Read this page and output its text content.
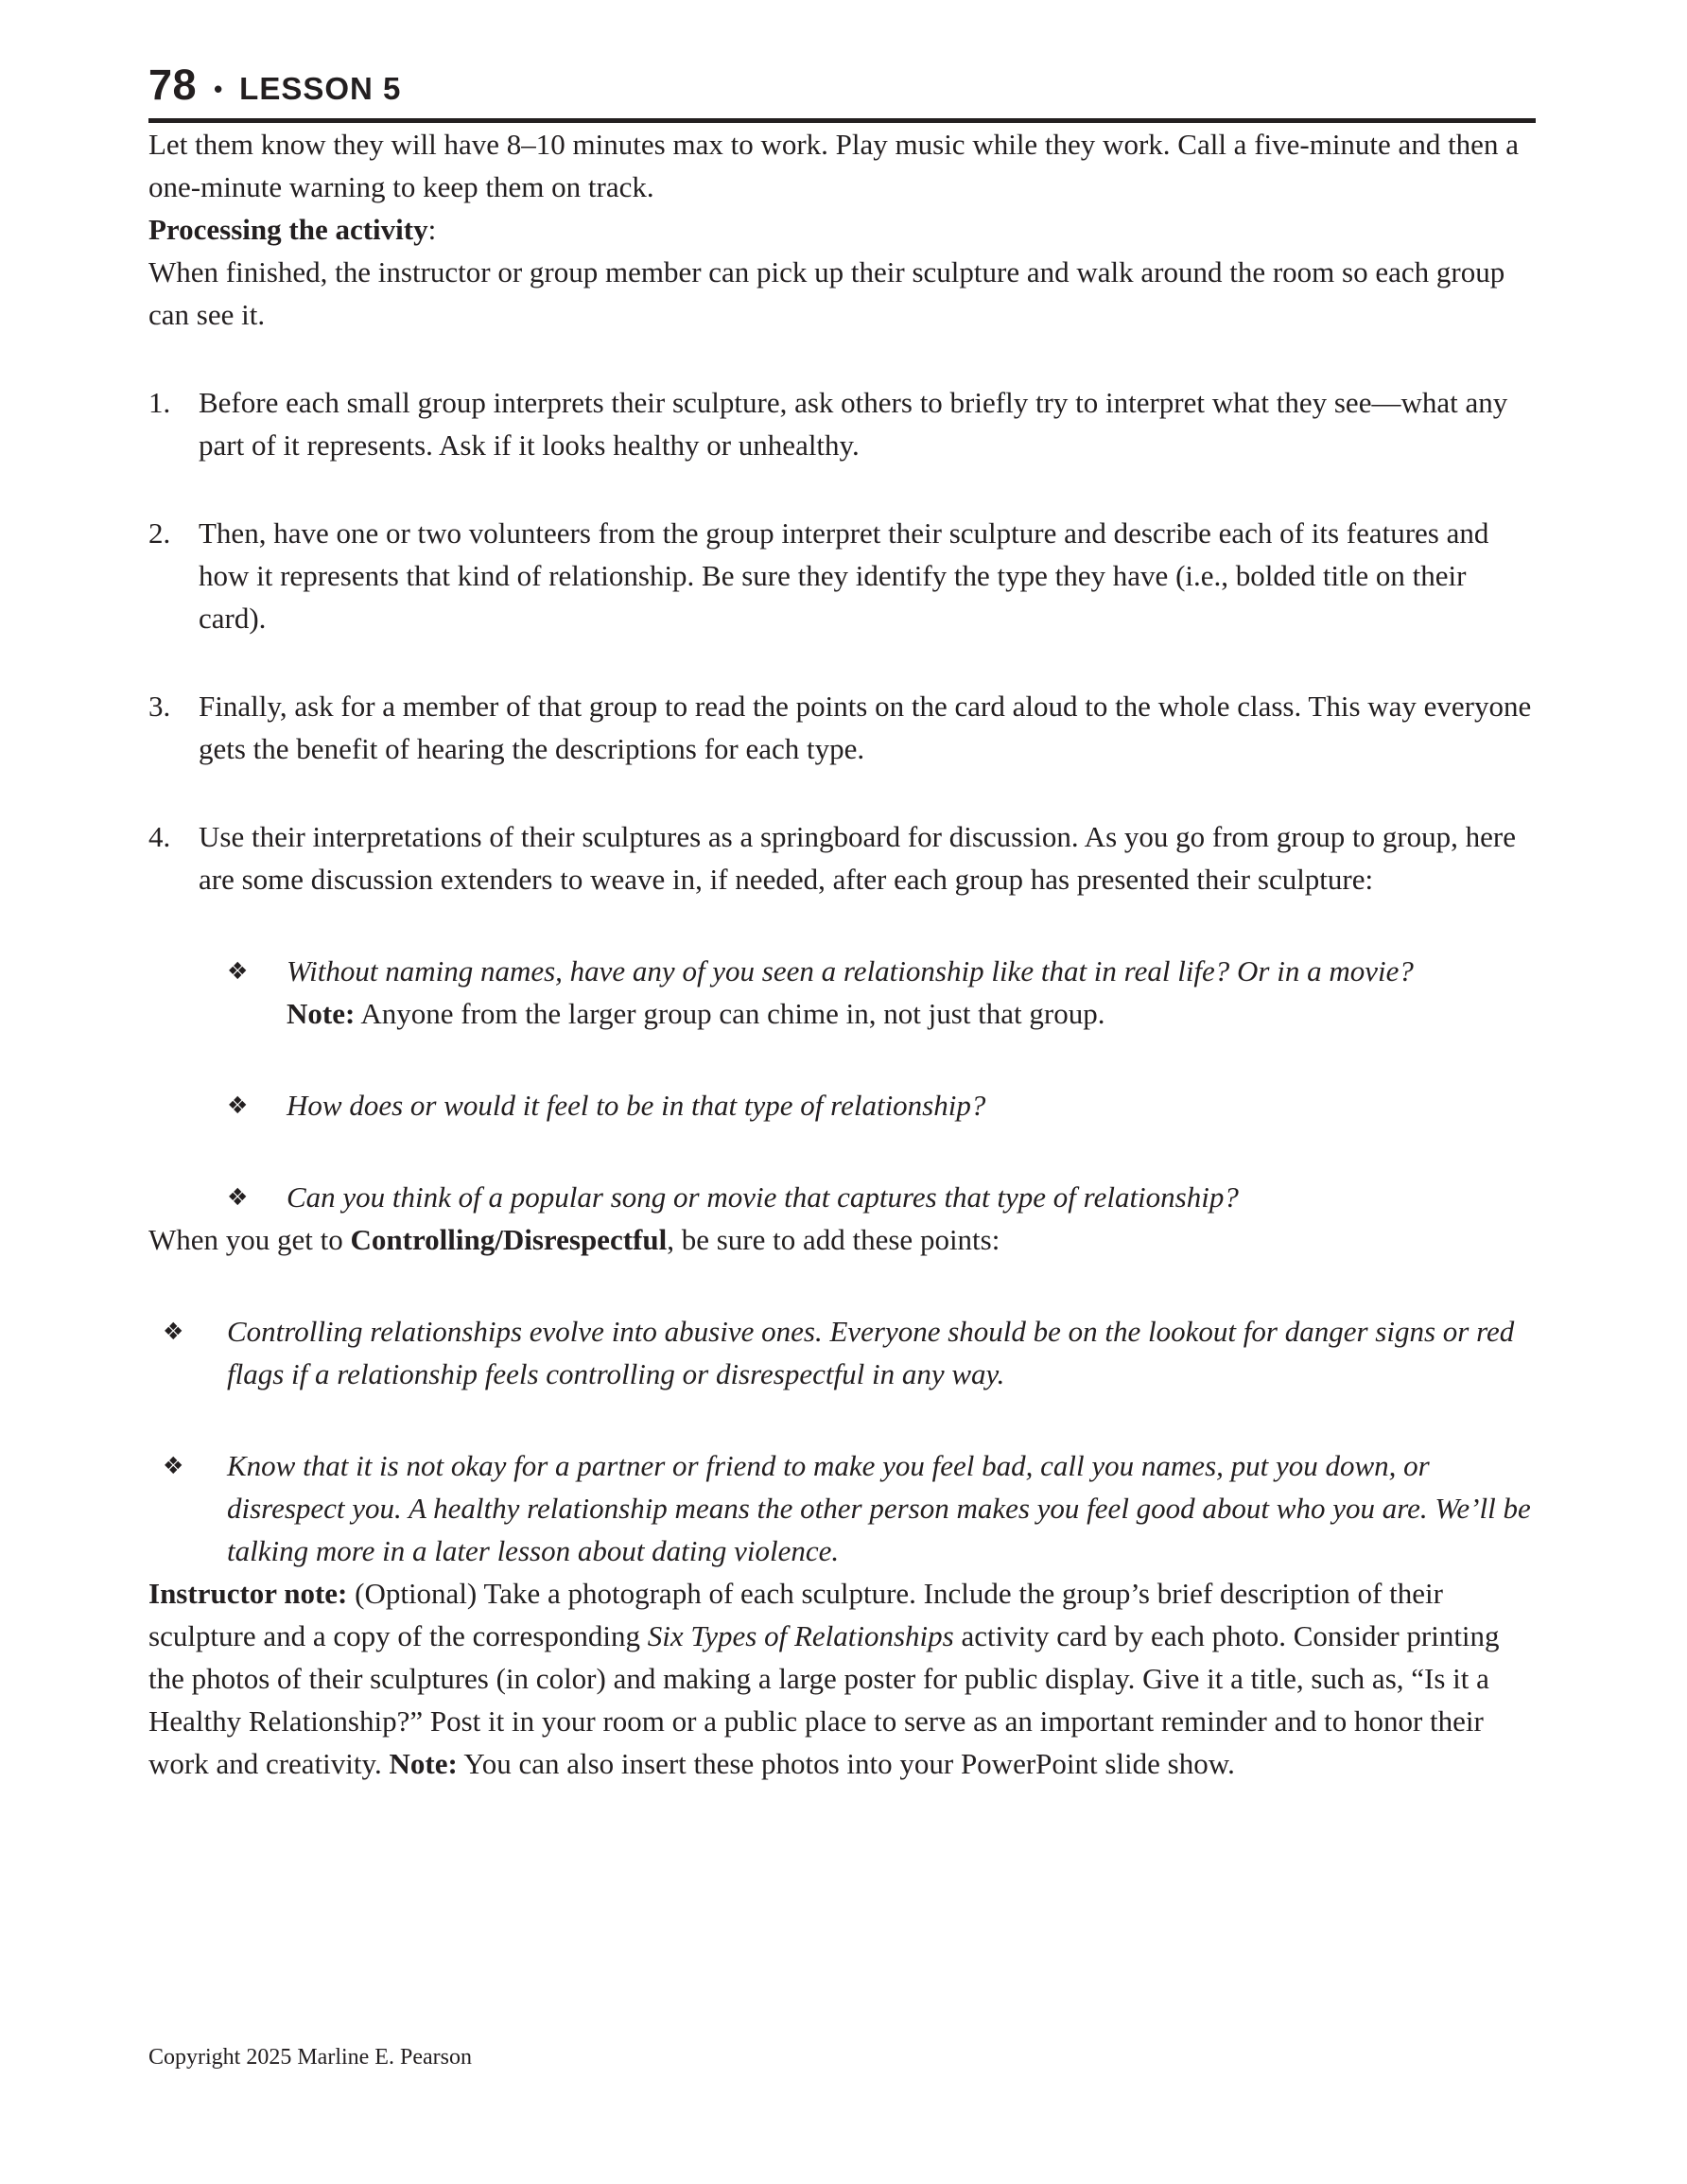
78 • LESSON 5

Let them know they will have 8–10 minutes max to work. Play music while they work. Call a five-minute and then a one-minute warning to keep them on track.

Processing the activity:

When finished, the instructor or group member can pick up their sculpture and walk around the room so each group can see it.

1. Before each small group interprets their sculpture, ask others to briefly try to interpret what they see—what any part of it represents. Ask if it looks healthy or unhealthy.
2. Then, have one or two volunteers from the group interpret their sculpture and describe each of its features and how it represents that kind of relationship. Be sure they identify the type they have (i.e., bolded title on their card).
3. Finally, ask for a member of that group to read the points on the card aloud to the whole class. This way everyone gets the benefit of hearing the descriptions for each type.
4. Use their interpretations of their sculptures as a springboard for discussion. As you go from group to group, here are some discussion extenders to weave in, if needed, after each group has presented their sculpture:
❖	Without naming names, have any of you seen a relationship like that in real life? Or in a movie?
Note: Anyone from the larger group can chime in, not just that group.
❖	How does or would it feel to be in that type of relationship?
❖	Can you think of a popular song or movie that captures that type of relationship?

When you get to Controlling/Disrespectful, be sure to add these points:

❖	Controlling relationships evolve into abusive ones. Everyone should be on the lookout for danger signs or red flags if a relationship feels controlling or disrespectful in any way.
❖	Know that it is not okay for a partner or friend to make you feel bad, call you names, put you down, or disrespect you. A healthy relationship means the other person makes you feel good about who you are. We’ll be talking more in a later lesson about dating violence.

Instructor note: (Optional) Take a photograph of each sculpture. Include the group’s brief description of their sculpture and a copy of the corresponding Six Types of Relationships activity card by each photo. Consider printing the photos of their sculptures (in color) and making a large poster for public display. Give it a title, such as, “Is it a Healthy Relationship?” Post it in your room or a public place to serve as an important reminder and to honor their work and creativity. Note: You can also insert these photos into your PowerPoint slide show.

Copyright 2025 Marline E. Pearson
